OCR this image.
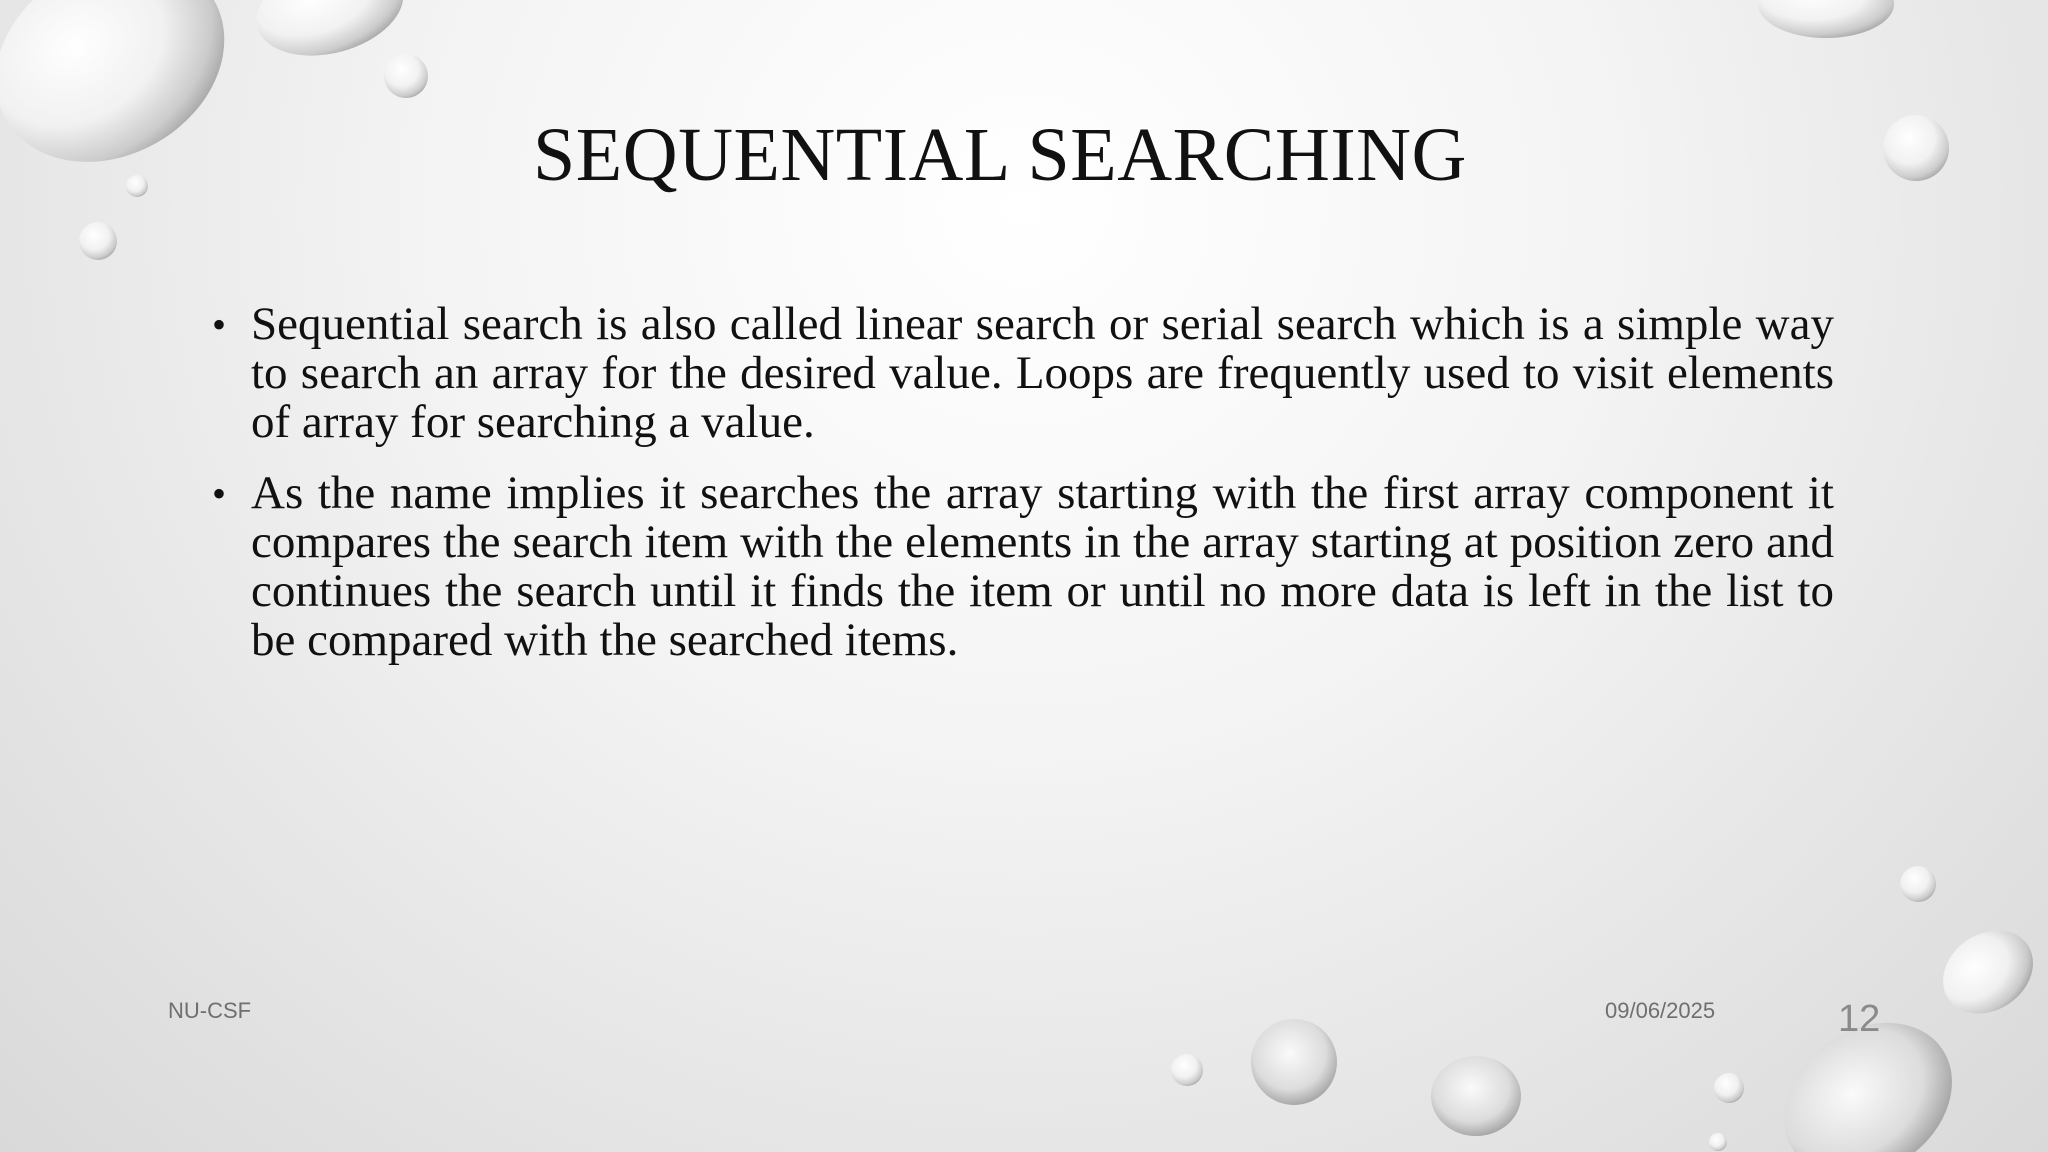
SEQUENTIAL SEARCHING
• Sequential search is also called linear search or serial search which is a simple way to search an array for the desired value. Loops are frequently used to visit elements of array for searching a value.
• As the name implies it searches the array starting with the first array component it compares the search item with the elements in the array starting at position zero and continues the search until it finds the item or until no more data is left in the list to be compared with the searched items.
NU-CSF	09/06/2025	12
